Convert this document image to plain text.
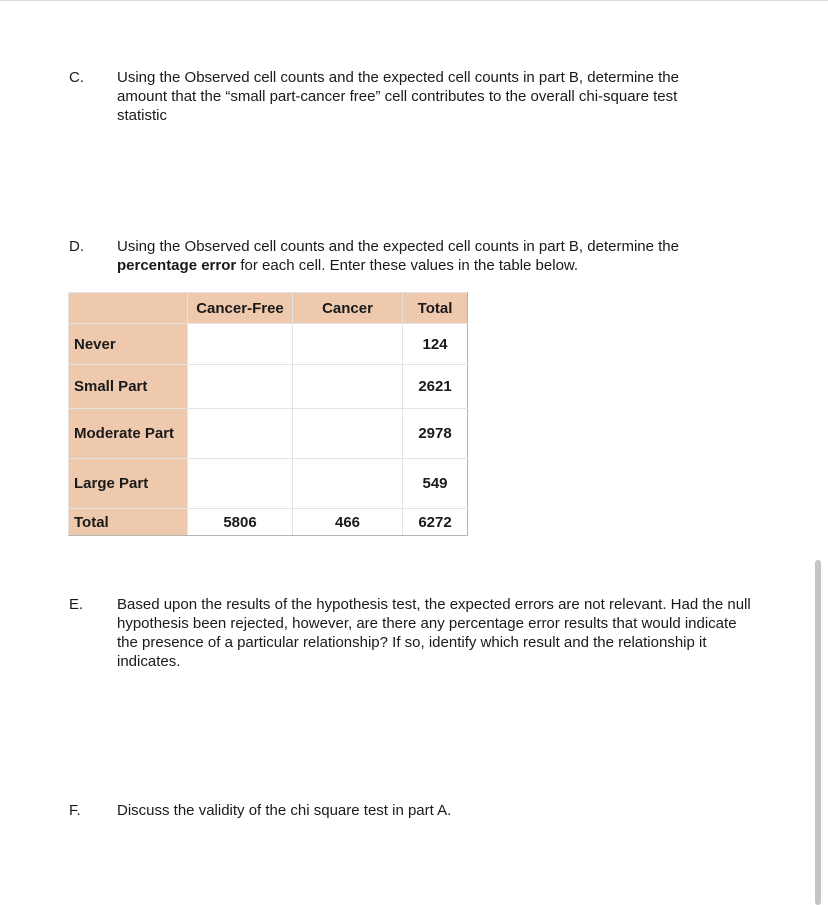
C. Using the Observed cell counts and the expected cell counts in part B, determine the amount that the “small part-cancer free” cell contributes to the overall chi-square test statistic
D. Using the Observed cell counts and the expected cell counts in part B, determine the percentage error for each cell. Enter these values in the table below.
	Cancer-Free	Cancer	Total
Never			124
Small Part			2621
Moderate Part			2978
Large Part			549
Total	5806	466	6272
E. Based upon the results of the hypothesis test, the expected errors are not relevant. Had the null hypothesis been rejected, however, are there any percentage error results that would indicate the presence of a particular relationship? If so, identify which result and the relationship it indicates.
F. Discuss the validity of the chi square test in part A.
